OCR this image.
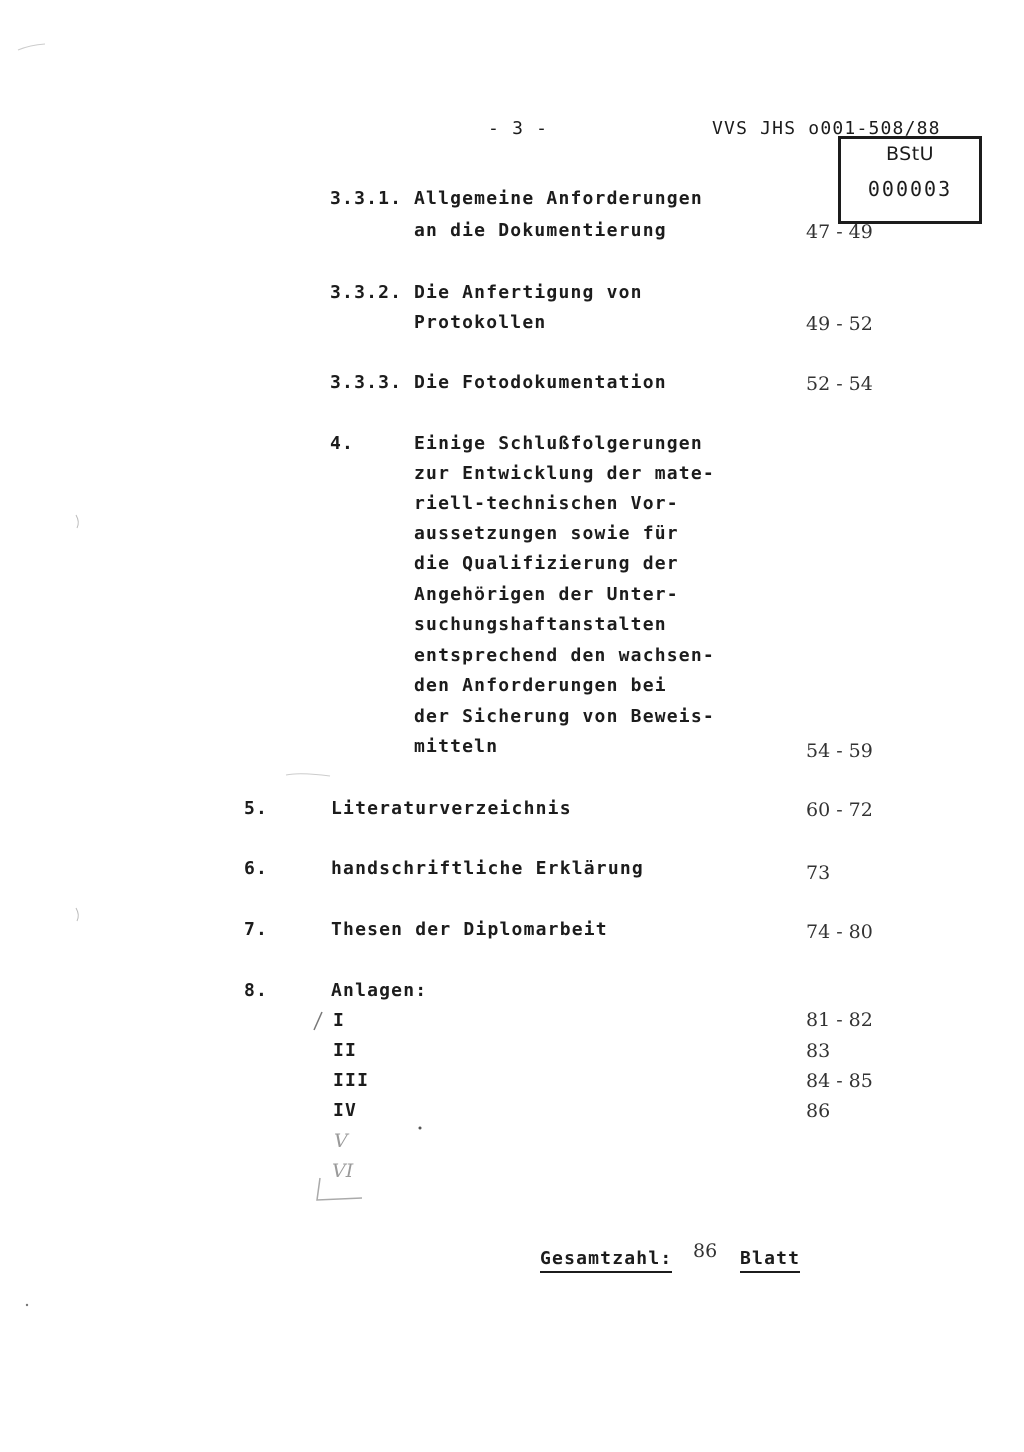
- 3 -	VVS JHS o001-508/88
BStU
000003
3.3.1. Allgemeine Anforderungen
an die Dokumentierung	47 - 49
3.3.2. Die Anfertigung von
Protokollen	49 - 52
3.3.3. Die Fotodokumentation	52 - 54
4.	Einige Schlußfolgerungen
zur Entwicklung der mate-
riell-technischen Vor-
aussetzungen sowie für
die Qualifizierung der
Angehörigen der Unter-
suchungshaftanstalten
entsprechend den wachsen-
den Anforderungen bei
der Sicherung von Beweis-
mitteln	54 - 59
5.	Literaturverzeichnis	60 - 72
6.	handschriftliche Erklärung	73
7.	Thesen der Diplomarbeit	74 - 80
8.	Anlagen:
I	81 - 82
II	83
III	84 - 85
IV	86
V
VI
Gesamtzahl: 86 Blatt
